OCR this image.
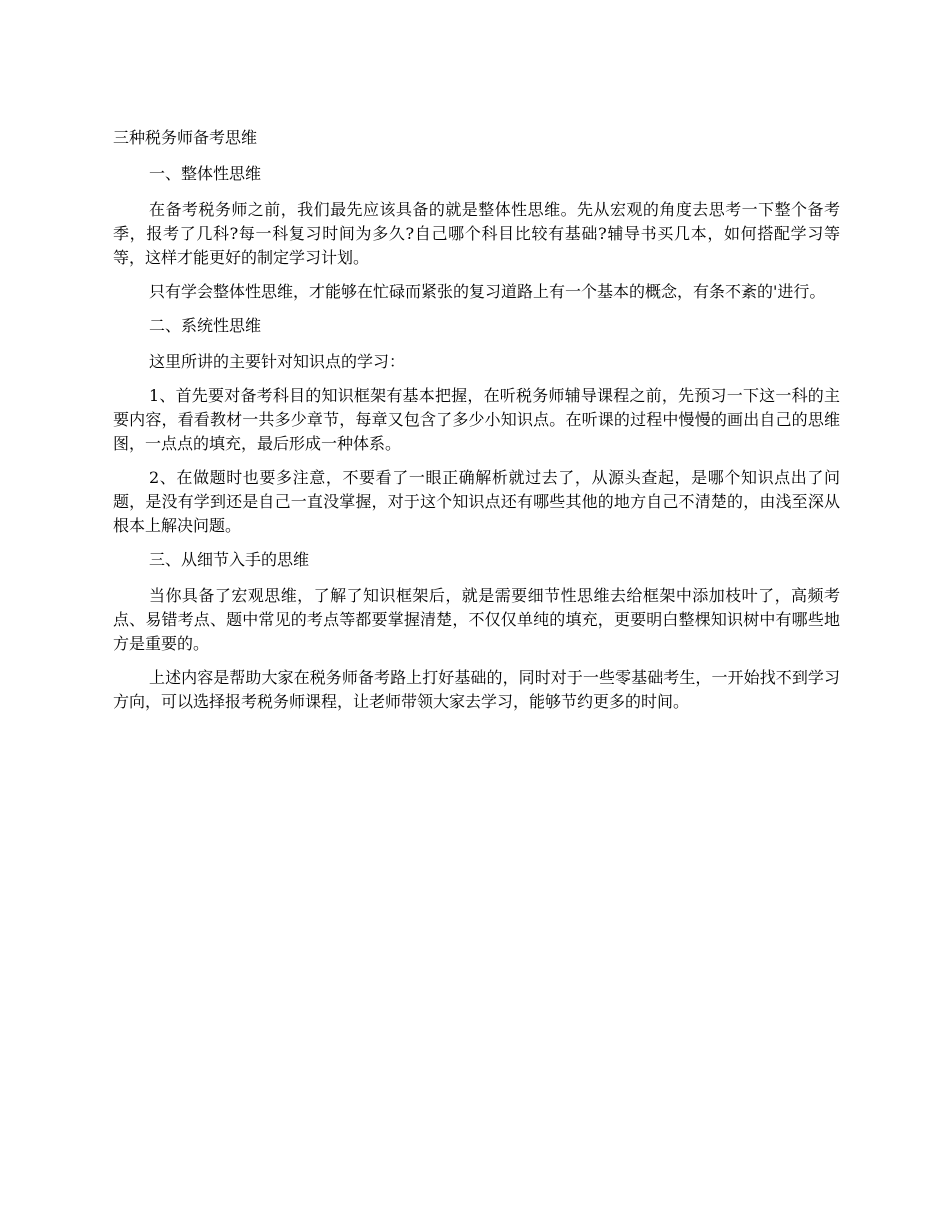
三种税务师备考思维

一、整体性思维

在备考税务师之前，我们最先应该具备的就是整体性思维。先从宏观的角度去思考一下整个备考季，报考了几科?每一科复习时间为多久?自己哪个科目比较有基础?辅导书买几本，如何搭配学习等等，这样才能更好的制定学习计划。

只有学会整体性思维，才能够在忙碌而紧张的复习道路上有一个基本的概念，有条不紊的'进行。

二、系统性思维

这里所讲的主要针对知识点的学习：

1、首先要对备考科目的知识框架有基本把握，在听税务师辅导课程之前，先预习一下这一科的主要内容，看看教材一共多少章节，每章又包含了多少小知识点。在听课的过程中慢慢的画出自己的思维图，一点点的填充，最后形成一种体系。

2、在做题时也要多注意，不要看了一眼正确解析就过去了，从源头查起，是哪个知识点出了问题，是没有学到还是自己一直没掌握，对于这个知识点还有哪些其他的地方自己不清楚的，由浅至深从根本上解决问题。

三、从细节入手的思维

当你具备了宏观思维，了解了知识框架后，就是需要细节性思维去给框架中添加枝叶了，高频考点、易错考点、题中常见的考点等都要掌握清楚，不仅仅单纯的填充，更要明白整棵知识树中有哪些地方是重要的。

上述内容是帮助大家在税务师备考路上打好基础的，同时对于一些零基础考生，一开始找不到学习方向，可以选择报考税务师课程，让老师带领大家去学习，能够节约更多的时间。
